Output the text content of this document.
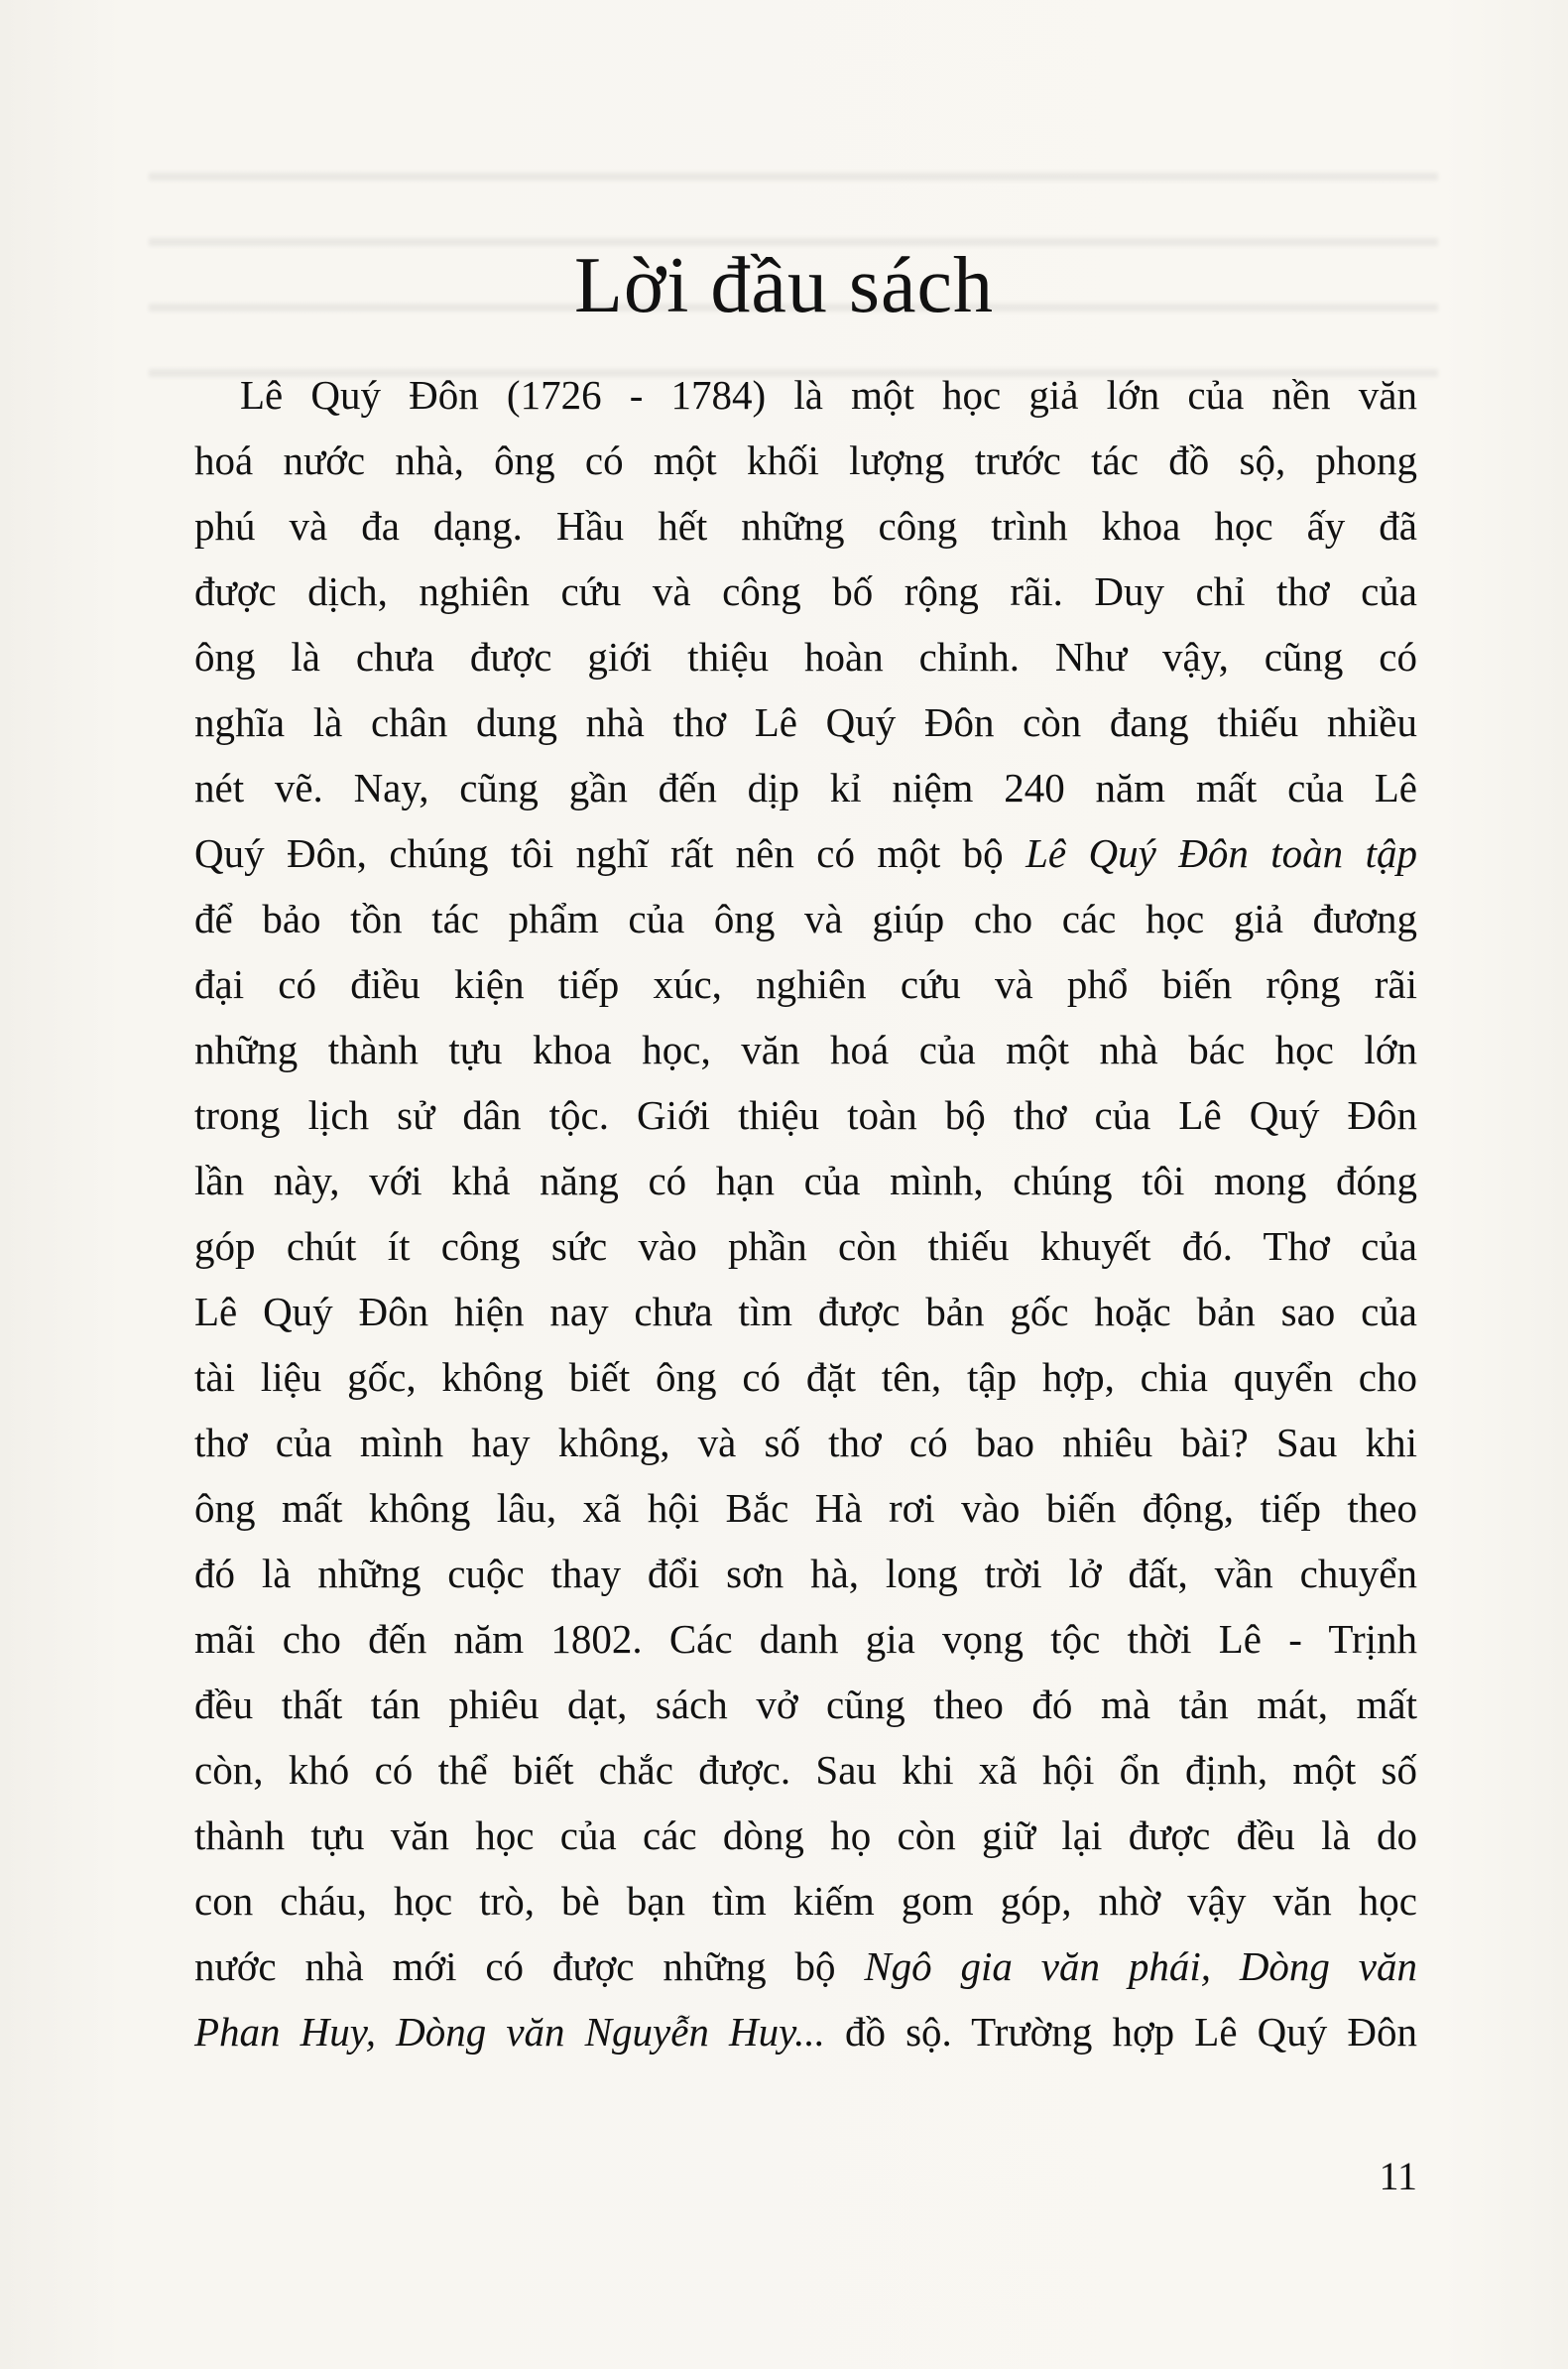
Lời đầu sách
Lê Quý Đôn (1726 - 1784) là một học giả lớn của nền văn
hoá nước nhà, ông có một khối lượng trước tác đồ sộ, phong
phú và đa dạng. Hầu hết những công trình khoa học ấy đã
được dịch, nghiên cứu và công bố rộng rãi. Duy chỉ thơ của
ông là chưa được giới thiệu hoàn chỉnh. Như vậy, cũng có
nghĩa là chân dung nhà thơ Lê Quý Đôn còn đang thiếu nhiều
nét vẽ. Nay, cũng gần đến dịp kỉ niệm 240 năm mất của Lê
Quý Đôn, chúng tôi nghĩ rất nên có một bộ Lê Quý Đôn toàn tập
để bảo tồn tác phẩm của ông và giúp cho các học giả đương
đại có điều kiện tiếp xúc, nghiên cứu và phổ biến rộng rãi
những thành tựu khoa học, văn hoá của một nhà bác học lớn
trong lịch sử dân tộc. Giới thiệu toàn bộ thơ của Lê Quý Đôn
lần này, với khả năng có hạn của mình, chúng tôi mong đóng
góp chút ít công sức vào phần còn thiếu khuyết đó. Thơ của
Lê Quý Đôn hiện nay chưa tìm được bản gốc hoặc bản sao của
tài liệu gốc, không biết ông có đặt tên, tập hợp, chia quyển cho
thơ của mình hay không, và số thơ có bao nhiêu bài? Sau khi
ông mất không lâu, xã hội Bắc Hà rơi vào biến động, tiếp theo
đó là những cuộc thay đổi sơn hà, long trời lở đất, vần chuyển
mãi cho đến năm 1802. Các danh gia vọng tộc thời Lê - Trịnh
đều thất tán phiêu dạt, sách vở cũng theo đó mà tản mát, mất
còn, khó có thể biết chắc được. Sau khi xã hội ổn định, một số
thành tựu văn học của các dòng họ còn giữ lại được đều là do
con cháu, học trò, bè bạn tìm kiếm gom góp, nhờ vậy văn học
nước nhà mới có được những bộ Ngô gia văn phái, Dòng văn
Phan Huy, Dòng văn Nguyễn Huy... đồ sộ. Trường hợp Lê Quý Đôn
11
